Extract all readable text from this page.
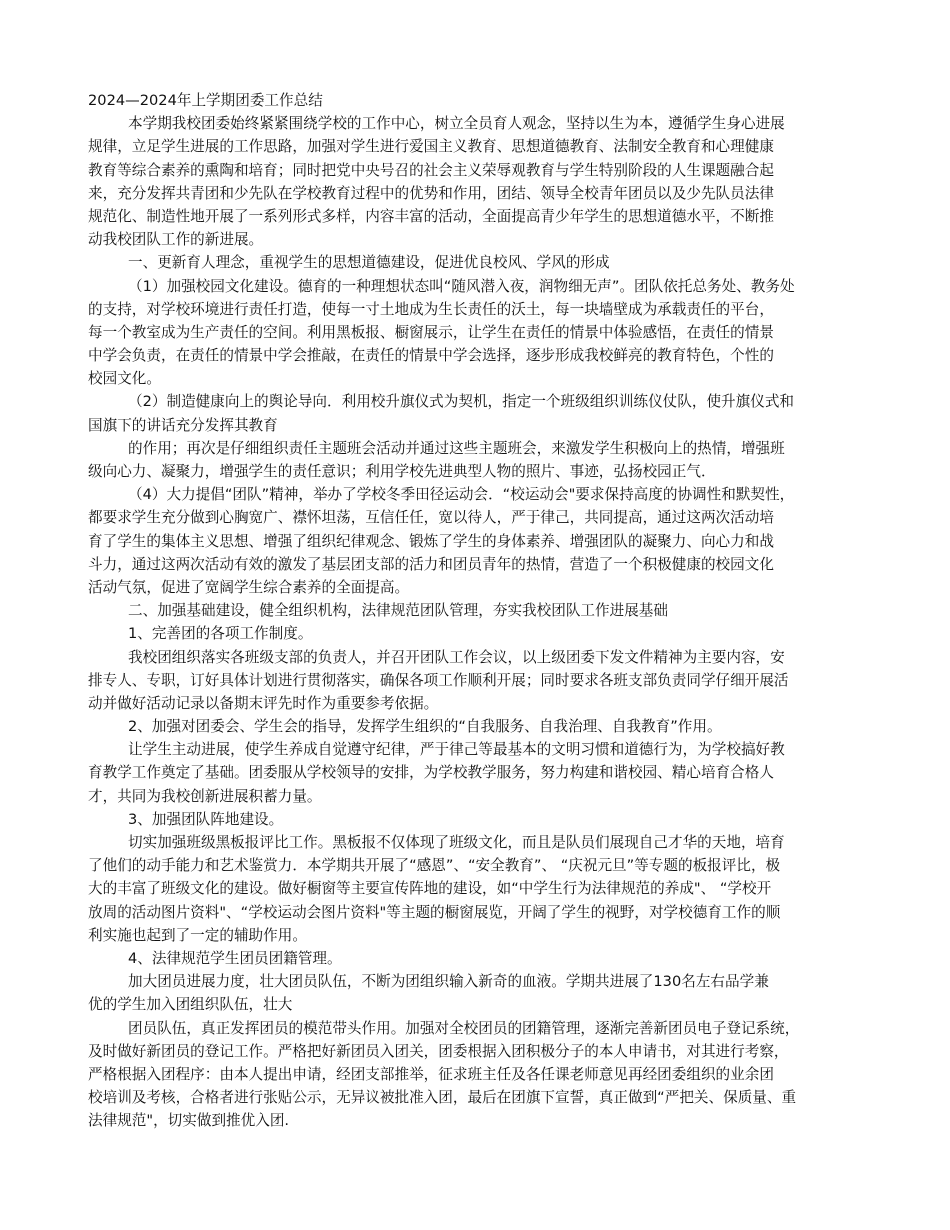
2024—2024年上学期团委工作总结
本学期我校团委始终紧紧围绕学校的工作中心，树立全员育人观念，坚持以生为本，遵循学生身心进展
规律，立足学生进展的工作思路，加强对学生进行爱国主义教育、思想道德教育、法制安全教育和心理健康
教育等综合素养的熏陶和培育；同时把党中央号召的社会主义荣辱观教育与学生特别阶段的人生课题融合起
来，充分发挥共青团和少先队在学校教育过程中的优势和作用，团结、领导全校青年团员以及少先队员法律
规范化、制造性地开展了一系列形式多样，内容丰富的活动，全面提高青少年学生的思想道德水平，不断推
动我校团队工作的新进展。
一、更新育人理念，重视学生的思想道德建设，促进优良校风、学风的形成
（1）加强校园文化建设。德育的一种理想状态叫“随风潜入夜，润物细无声”。团队依托总务处、教务处
的支持，对学校环境进行责任打造，使每一寸土地成为生长责任的沃土，每一块墙壁成为承载责任的平台，
每一个教室成为生产责任的空间。利用黑板报、橱窗展示，让学生在责任的情景中体验感悟，在责任的情景
中学会负责，在责任的情景中学会推敲，在责任的情景中学会选择，逐步形成我校鲜亮的教育特色，个性的
校园文化。
（2）制造健康向上的舆论导向．利用校升旗仪式为契机，指定一个班级组织训练仪仗队，使升旗仪式和
国旗下的讲话充分发挥其教育
的作用；再次是仔细组织责任主题班会活动并通过这些主题班会，来激发学生积极向上的热情，增强班
级向心力、凝聚力，增强学生的责任意识；利用学校先进典型人物的照片、事迹，弘扬校园正气．
（4）大力提倡“团队”精神，举办了学校冬季田径运动会．“校运动会"要求保持高度的协调性和默契性，
都要求学生充分做到心胸宽广、襟怀坦荡，互信任任，宽以待人，严于律己，共同提高，通过这两次活动培
育了学生的集体主义思想、增强了组织纪律观念、锻炼了学生的身体素养、增强团队的凝聚力、向心力和战
斗力，通过这两次活动有效的激发了基层团支部的活力和团员青年的热情，营造了一个积极健康的校园文化
活动气氛，促进了宽阔学生综合素养的全面提高。
二、加强基础建设，健全组织机构，法律规范团队管理，夯实我校团队工作进展基础
1、完善团的各项工作制度。
我校团组织落实各班级支部的负责人，并召开团队工作会议，以上级团委下发文件精神为主要内容，安
排专人、专职，订好具体计划进行贯彻落实，确保各项工作顺利开展；同时要求各班支部负责同学仔细开展活
动并做好活动记录以备期末评先时作为重要参考依据。
2、加强对团委会、学生会的指导，发挥学生组织的“自我服务、自我治理、自我教育”作用。
让学生主动进展，使学生养成自觉遵守纪律，严于律己等最基本的文明习惯和道德行为，为学校搞好教
育教学工作奠定了基础。团委服从学校领导的安排，为学校教学服务，努力构建和谐校园、精心培育合格人
才，共同为我校创新进展积蓄力量。
3、加强团队阵地建设。
切实加强班级黑板报评比工作。黑板报不仅体现了班级文化，而且是队员们展现自己才华的天地，培育
了他们的动手能力和艺术鉴赏力．本学期共开展了“感恩”、“安全教育”、 “庆祝元旦”等专题的板报评比，极
大的丰富了班级文化的建设。做好橱窗等主要宣传阵地的建设，如“中学生行为法律规范的养成"、 “学校开
放周的活动图片资料"、“学校运动会图片资料"等主题的橱窗展览，开阔了学生的视野，对学校德育工作的顺
利实施也起到了一定的辅助作用。
4、法律规范学生团员团籍管理。
加大团员进展力度，壮大团员队伍，不断为团组织输入新奇的血液。学期共进展了130名左右品学兼
优的学生加入团组织队伍，壮大
团员队伍，真正发挥团员的模范带头作用。加强对全校团员的团籍管理，逐渐完善新团员电子登记系统，
及时做好新团员的登记工作。严格把好新团员入团关，团委根据入团积极分子的本人申请书，对其进行考察，
严格根据入团程序：由本人提出申请，经团支部推举，征求班主任及各任课老师意见再经团委组织的业余团
校培训及考核，合格者进行张贴公示，无异议被批准入团，最后在团旗下宣誓，真正做到“严把关、保质量、重
法律规范"，切实做到推优入团.
